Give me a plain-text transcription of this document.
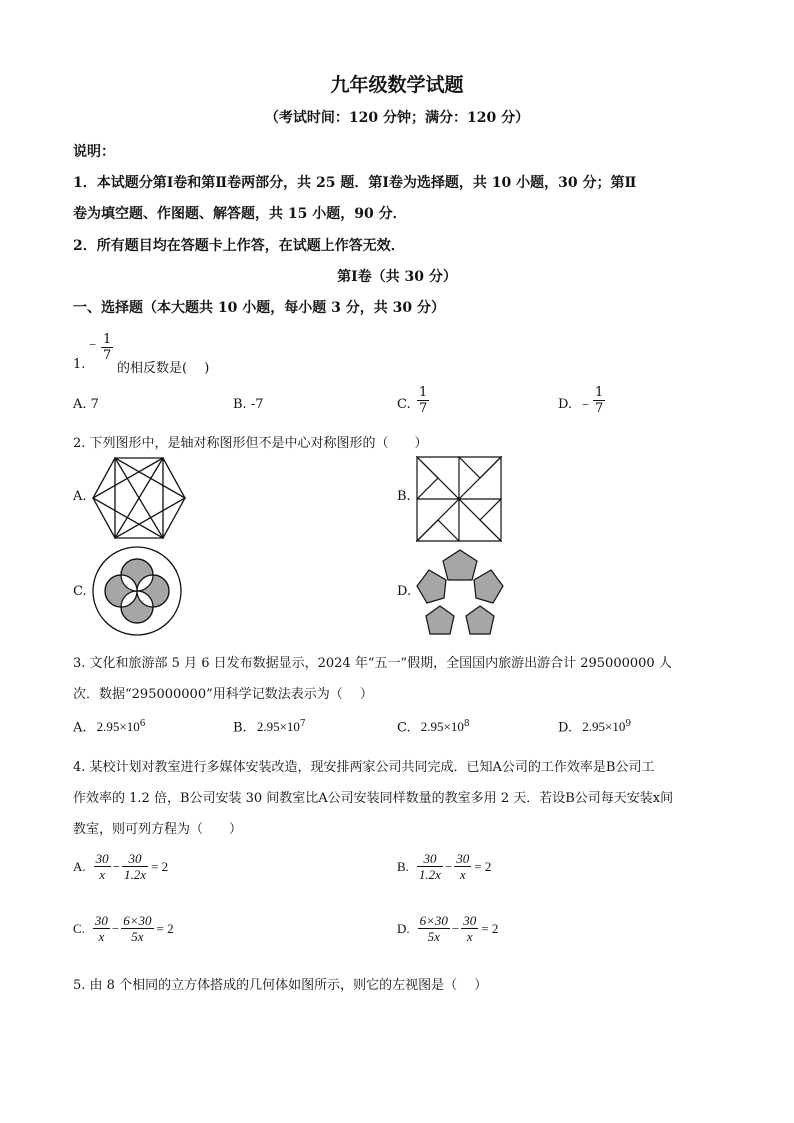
九年级数学试题
（考试时间：120 分钟；满分：120 分）
说明：
1．本试题分第Ⅰ卷和第Ⅱ卷两部分，共 25 题．第Ⅰ卷为选择题，共 10 小题，30 分；第Ⅱ
卷为填空题、作图题、解答题，共 15 小题，90 分．
2．所有题目均在答题卡上作答，在试题上作答无效．
第Ⅰ卷（共 30 分）
一、选择题（本大题共 10 小题，每小题 3 分，共 30 分）
1.
− $\frac{1}{7}$
的相反数是(　 )
A. 7	B. -7	C. $\frac{1}{7}$	D. − $\frac{1}{7}$
2. 下列图形中，是轴对称图形但不是中心对称图形的（　　）
A.	B.
C.	D.
3. 文化和旅游部 5 月 6 日发布数据显示，2024 年“五一”假期，全国国内旅游出游合计 295000000 人
次．数据“295000000”用科学记数法表示为（　 ）
A. $2.95\times 10^6$	B. $2.95\times 10^7$	C. $2.95\times 10^8$	D. $2.95\times 10^9$
4. 某校计划对教室进行多媒体安装改造，现安排两家公司共同完成．已知A公司的工作效率是B公司工
作效率的 1.2 倍，B公司安装 30 间教室比A公司安装同样数量的教室多用 2 天．若设B公司每天安装x间
教室，则可列方程为（　　）
A. $\frac{30}{x} - \frac{30}{1.2x} = 2$	B. $\frac{30}{1.2x} - \frac{30}{x} = 2$
C. $\frac{30}{x} - \frac{6\times 30}{5x} = 2$	D. $\frac{6\times 30}{5x} - \frac{30}{x} = 2$
5. 由 8 个相同的立方体搭成的几何体如图所示，则它的左视图是（　 ）
